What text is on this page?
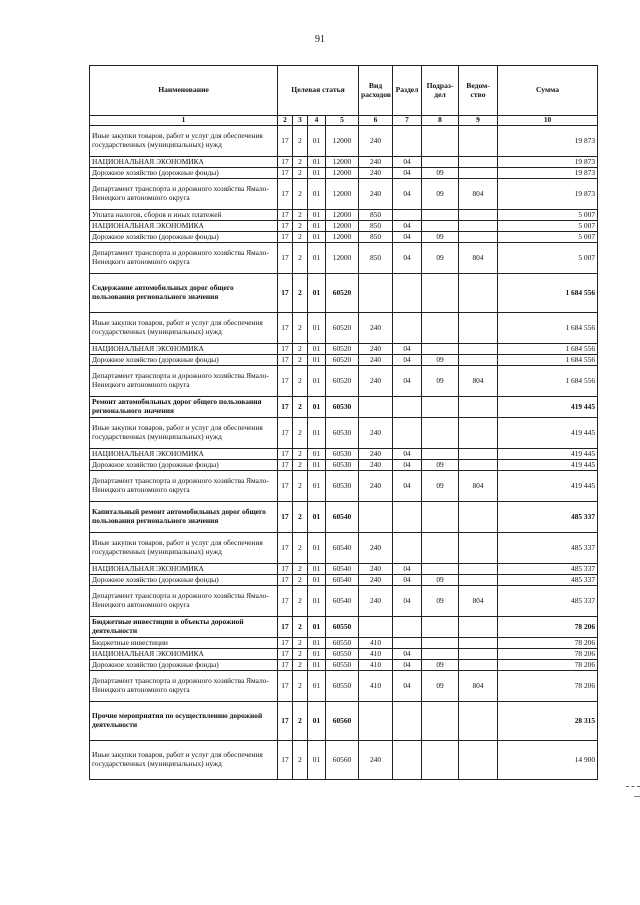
91
Наименование	Целевая статья				Вид расходов	Раздел	Подраз-дел	Ведом-ство	Сумма
1	2	3	4	5	6	7	8	9	10
Иные закупки товаров, работ и услуг для обеспечения государственных (муниципальных) нужд	17	2	01	12000	240				19 873
НАЦИОНАЛЬНАЯ ЭКОНОМИКА	17	2	01	12000	240	04			19 873
Дорожное хозяйство (дорожные фонды)	17	2	01	12000	240	04	09		19 873
Департамент транспорта и дорожного хозяйства Ямало-Ненецкого автономного округа	17	2	01	12000	240	04	09	804	19 873
Уплата налогов, сборов и иных платежей	17	2	01	12000	850				5 007
НАЦИОНАЛЬНАЯ ЭКОНОМИКА	17	2	01	12000	850	04			5 007
Дорожное хозяйство (дорожные фонды)	17	2	01	12000	850	04	09		5 007
Департамент транспорта и дорожного хозяйства Ямало-Ненецкого автономного округа	17	2	01	12000	850	04	09	804	5 007
Содержание автомобильных дорог общего пользования регионального значения	17	2	01	60520					1 684 556
Иные закупки товаров, работ и услуг для обеспечения государственных (муниципальных) нужд	17	2	01	60520	240				1 684 556
НАЦИОНАЛЬНАЯ ЭКОНОМИКА	17	2	01	60520	240	04			1 684 556
Дорожное хозяйство (дорожные фонды)	17	2	01	60520	240	04	09		1 684 556
Департамент транспорта и дорожного хозяйства Ямало-Ненецкого автономного округа	17	2	01	60520	240	04	09	804	1 684 556
Ремонт автомобильных дорог общего пользования регионального значения	17	2	01	60530					419 445
Иные закупки товаров, работ и услуг для обеспечения государственных (муниципальных) нужд	17	2	01	60530	240				419 445
НАЦИОНАЛЬНАЯ ЭКОНОМИКА	17	2	01	60530	240	04			419 445
Дорожное хозяйство (дорожные фонды)	17	2	01	60530	240	04	09		419 445
Департамент транспорта и дорожного хозяйства Ямало-Ненецкого автономного округа	17	2	01	60530	240	04	09	804	419 445
Капитальный ремонт автомобильных дорог общего пользования регионального значения	17	2	01	60540					485 337
Иные закупки товаров, работ и услуг для обеспечения государственных (муниципальных) нужд	17	2	01	60540	240				485 337
НАЦИОНАЛЬНАЯ ЭКОНОМИКА	17	2	01	60540	240	04			485 337
Дорожное хозяйство (дорожные фонды)	17	2	01	60540	240	04	09		485 337
Департамент транспорта и дорожного хозяйства Ямало-Ненецкого автономного округа	17	2	01	60540	240	04	09	804	485 337
Бюджетные инвестиции в объекты дорожной деятельности	17	2	01	60550					78 206
Бюджетные инвестиции	17	2	01	60550	410				78 206
НАЦИОНАЛЬНАЯ ЭКОНОМИКА	17	2	01	60550	410	04			78 206
Дорожное хозяйство (дорожные фонды)	17	2	01	60550	410	04	09		78 206
Департамент транспорта и дорожного хозяйства Ямало-Ненецкого автономного округа	17	2	01	60550	410	04	09	804	78 206
Прочие мероприятия по осуществлению дорожной деятельности	17	2	01	60560					28 315
Иные закупки товаров, работ и услуг для обеспечения государственных (муниципальных) нужд	17	2	01	60560	240				14 900
